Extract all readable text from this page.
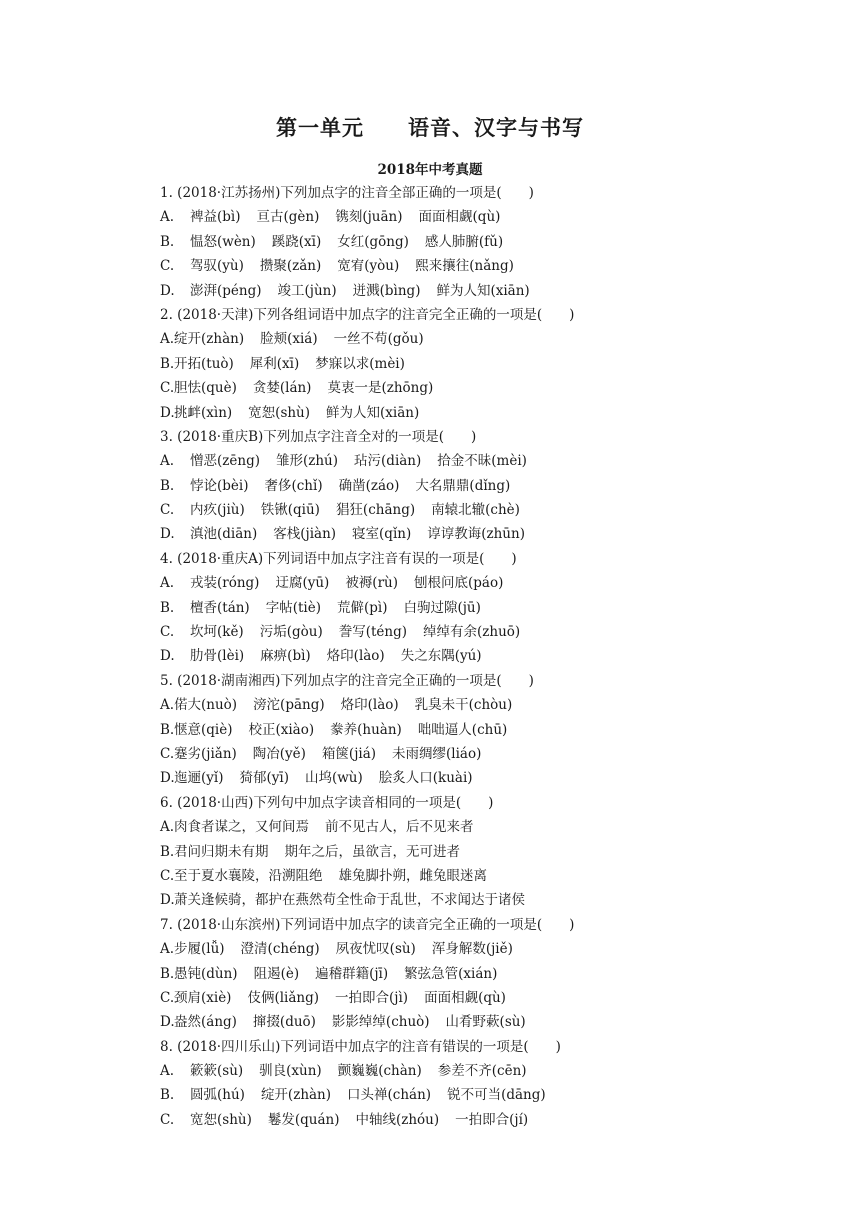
第一单元　　语音、汉字与书写
2018年中考真题
1. (2018·江苏扬州)下列加点字的注音全部正确的一项是(　　)
A. 裨益(bì) 亘古(gèn) 镌刻(juān) 面面相觑(qù)
B. 愠怒(wèn) 蹊跷(xī) 女红(gōng) 感人肺腑(fǔ)
C. 驾驭(yù) 攒聚(zǎn) 宽宥(yòu) 熙来攘往(nǎng)
D. 澎湃(péng) 竣工(jùn) 迸溅(bìng) 鲜为人知(xiān)
2. (2018·天津)下列各组词语中加点字的注音完全正确的一项是(　　)
A.绽开(zhàn) 脸颊(xiá) 一丝不苟(gǒu)
B.开拓(tuò) 犀利(xī) 梦寐以求(mèi)
C.胆怯(què) 贪婪(lán) 莫衷一是(zhōng)
D.挑衅(xìn) 宽恕(shù) 鲜为人知(xiān)
3. (2018·重庆B)下列加点字注音全对的一项是(　　)
A. 憎恶(zēng) 雏形(zhú) 玷污(diàn) 拾金不昧(mèi)
B. 悖论(bèi) 奢侈(chǐ) 确凿(záo) 大名鼎鼎(dǐng)
C. 内疚(jiù) 铁锹(qiū) 猖狂(chāng) 南辕北辙(chè)
D. 滇池(diān) 客栈(jiàn) 寝室(qǐn) 谆谆教诲(zhūn)
4. (2018·重庆A)下列词语中加点字注音有误的一项是(　　)
A. 戎装(róng) 迂腐(yū) 被褥(rù) 刨根问底(páo)
B. 檀香(tán) 字帖(tiè) 荒僻(pì) 白驹过隙(jū)
C. 坎坷(kě) 污垢(gòu) 誊写(téng) 绰绰有余(zhuō)
D. 肋骨(lèi) 麻痹(bì) 烙印(lào) 失之东隅(yú)
5. (2018·湖南湘西)下列加点字的注音完全正确的一项是(　　)
A.偌大(nuò) 滂沱(pāng) 烙印(lào) 乳臭未干(chòu)
B.惬意(qiè) 校正(xiào) 豢养(huàn) 咄咄逼人(chū)
C.蹇劣(jiǎn) 陶冶(yě) 箱箧(jiá) 未雨绸缪(liáo)
D.迤逦(yǐ) 猗郁(yī) 山坞(wù) 脍炙人口(kuài)
6. (2018·山西)下列句中加点字读音相同的一项是(　　)
A.肉食者谋之，又何间焉 前不见古人，后不见来者
B.君问归期未有期 期年之后，虽欲言，无可进者
C.至于夏水襄陵，沿溯阻绝 雄兔脚扑朔，雌兔眼迷离
D.萧关逢候骑，都护在燕然苟全性命于乱世，不求闻达于诸侯
7. (2018·山东滨州)下列词语中加点字的读音完全正确的一项是(　　)
A.步履(lǚ) 澄清(chéng) 夙夜忧叹(sù) 浑身解数(jiě)
B.愚钝(dùn) 阻遏(è) 遍稽群籍(jī) 繁弦急管(xián)
C.颈肩(xiè) 伎俩(liǎng) 一拍即合(jì) 面面相觑(qù)
D.盎然(áng) 撺掇(duō) 影影绰绰(chuò) 山肴野蔌(sù)
8. (2018·四川乐山)下列词语中加点字的注音有错误的一项是(　　)
A. 簌簌(sù) 驯良(xùn) 颤巍巍(chàn) 参差不齐(cēn)
B. 圆弧(hú) 绽开(zhàn) 口头禅(chán) 锐不可当(dāng)
C. 宽恕(shù) 鬈发(quán) 中轴线(zhóu) 一拍即合(jí)
